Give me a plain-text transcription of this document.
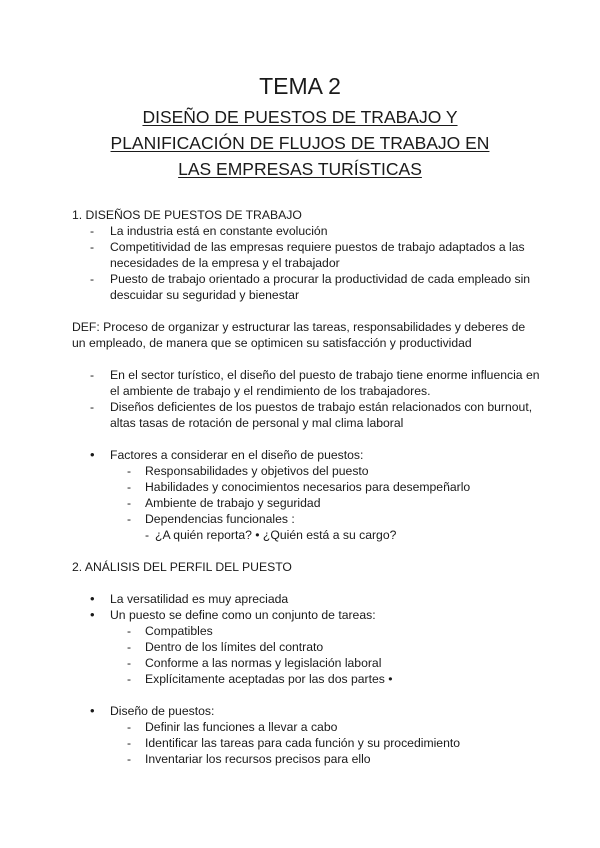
TEMA 2
DISEÑO DE PUESTOS DE TRABAJO Y
PLANIFICACIÓN DE FLUJOS DE TRABAJO EN
LAS EMPRESAS TURÍSTICAS

1. DISEÑOS DE PUESTOS DE TRABAJO

- La industria está en constante evolución
- Competitividad de las empresas requiere puestos de trabajo adaptados a las necesidades de la empresa y el trabajador
- Puesto de trabajo orientado a procurar la productividad de cada empleado sin descuidar su seguridad y bienestar

DEF: Proceso de organizar y estructurar las tareas, responsabilidades y deberes de un empleado, de manera que se optimicen su satisfacción y productividad

- En el sector turístico, el diseño del puesto de trabajo tiene enorme influencia en el ambiente de trabajo y el rendimiento de los trabajadores.
- Diseños deficientes de los puestos de trabajo están relacionados con burnout, altas tasas de rotación de personal y mal clima laboral
• Factores a considerar en el diseño de puestos:
- Responsabilidades y objetivos del puesto
- Habilidades y conocimientos necesarios para desempeñarlo
- Ambiente de trabajo y seguridad
- Dependencias funcionales :
- ¿A quién reporta? • ¿Quién está a su cargo?

2. ANÁLISIS DEL PERFIL DEL PUESTO

• La versatilidad es muy apreciada
• Un puesto se define como un conjunto de tareas:
- Compatibles
- Dentro de los límites del contrato
- Conforme a las normas y legislación laboral
- Explícitamente aceptadas por las dos partes •
• Diseño de puestos:
- Definir las funciones a llevar a cabo
- Identificar las tareas para cada función y su procedimiento
- Inventariar los recursos precisos para ello
